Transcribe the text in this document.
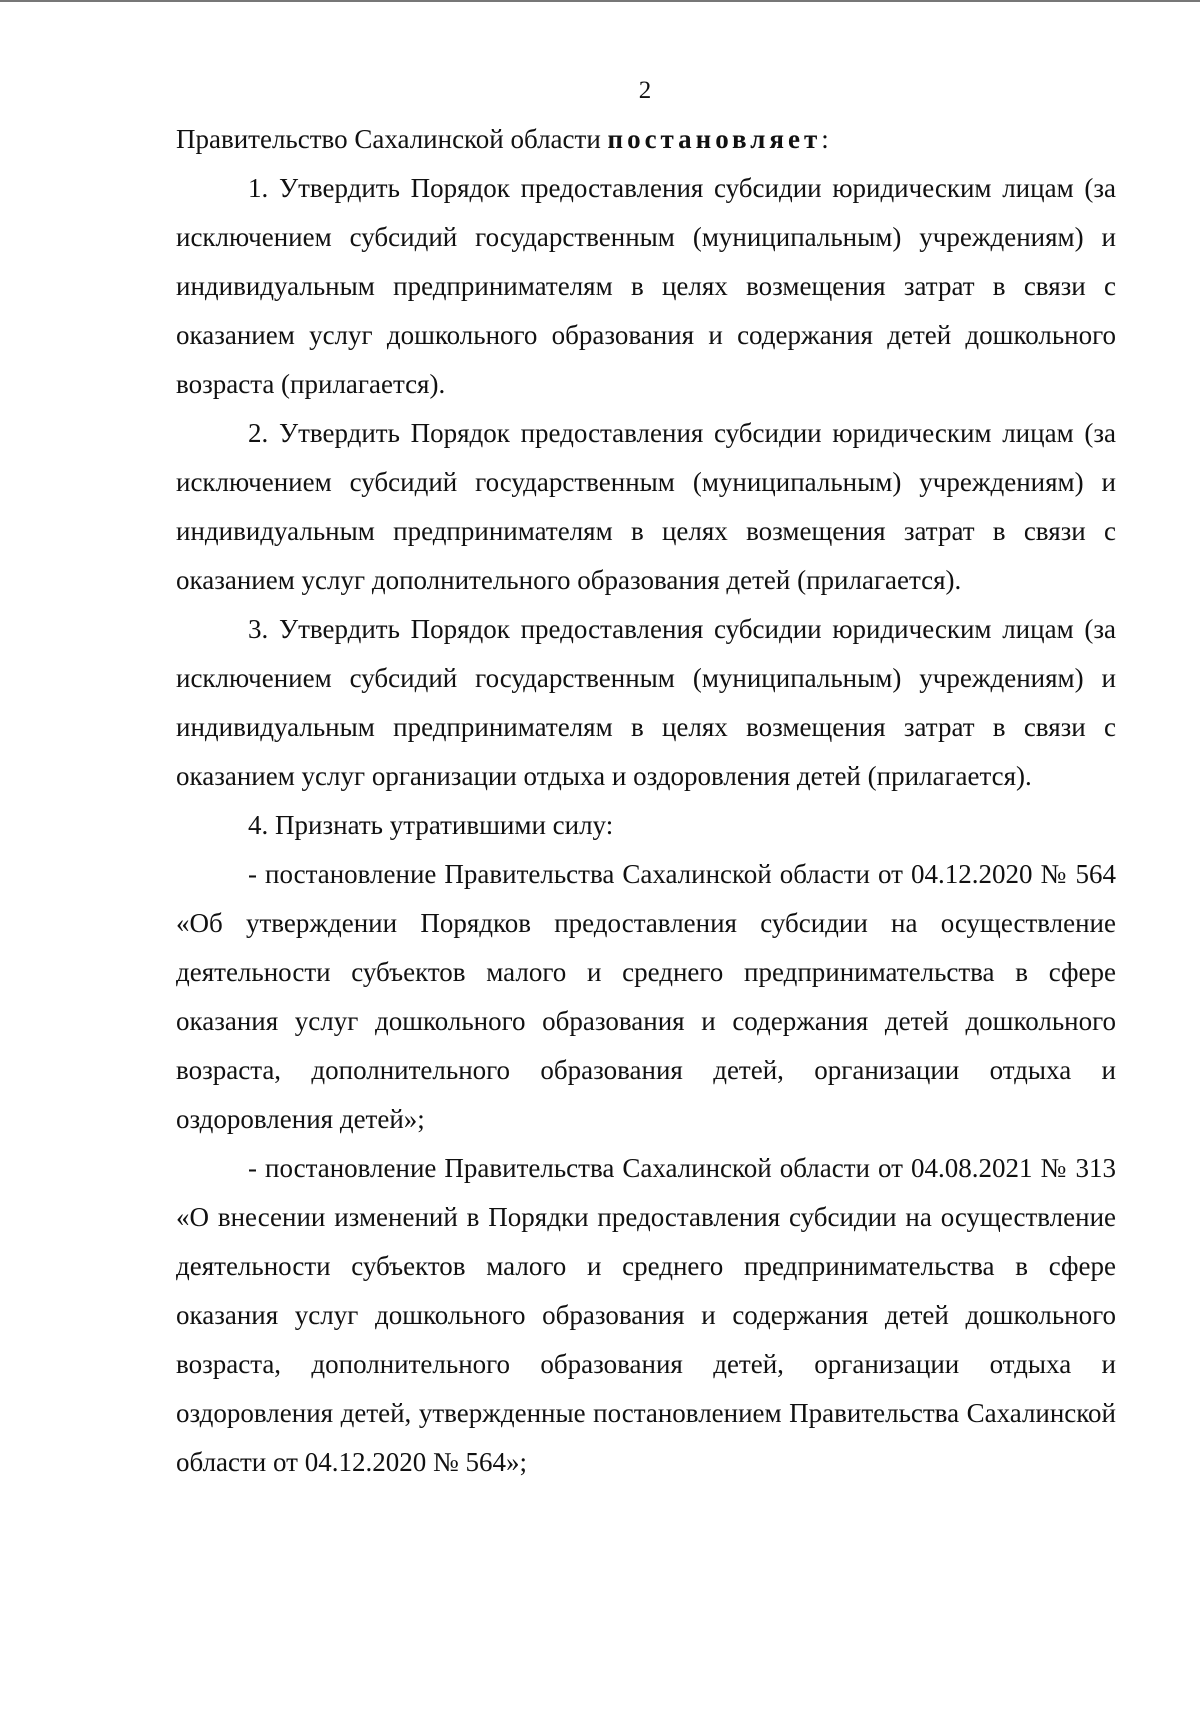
2

Правительство Сахалинской области постановляет:

1. Утвердить Порядок предоставления субсидии юридическим лицам (за исключением субсидий государственным (муниципальным) учреждениям) и индивидуальным предпринимателям в целях возмещения затрат в связи с оказанием услуг дошкольного образования и содержания детей дошкольного возраста (прилагается).

2. Утвердить Порядок предоставления субсидии юридическим лицам (за исключением субсидий государственным (муниципальным) учреждениям) и индивидуальным предпринимателям в целях возмещения затрат в связи с оказанием услуг дополнительного образования детей (прилагается).

3. Утвердить Порядок предоставления субсидии юридическим лицам (за исключением субсидий государственным (муниципальным) учреждениям) и индивидуальным предпринимателям в целях возмещения затрат в связи с оказанием услуг организации отдыха и оздоровления детей (прилагается).

4. Признать утратившими силу:

- постановление Правительства Сахалинской области от 04.12.2020 № 564 «Об утверждении Порядков предоставления субсидии на осуществление деятельности субъектов малого и среднего предпринимательства в сфере оказания услуг дошкольного образования и содержания детей дошкольного возраста, дополнительного образования детей, организации отдыха и оздоровления детей»;

- постановление Правительства Сахалинской области от 04.08.2021 № 313 «О внесении изменений в Порядки предоставления субсидии на осуществление деятельности субъектов малого и среднего предпринимательства в сфере оказания услуг дошкольного образования и содержания детей дошкольного возраста, дополнительного образования детей, организации отдыха и оздоровления детей, утвержденные постановлением Правительства Сахалинской области от 04.12.2020 № 564»;
